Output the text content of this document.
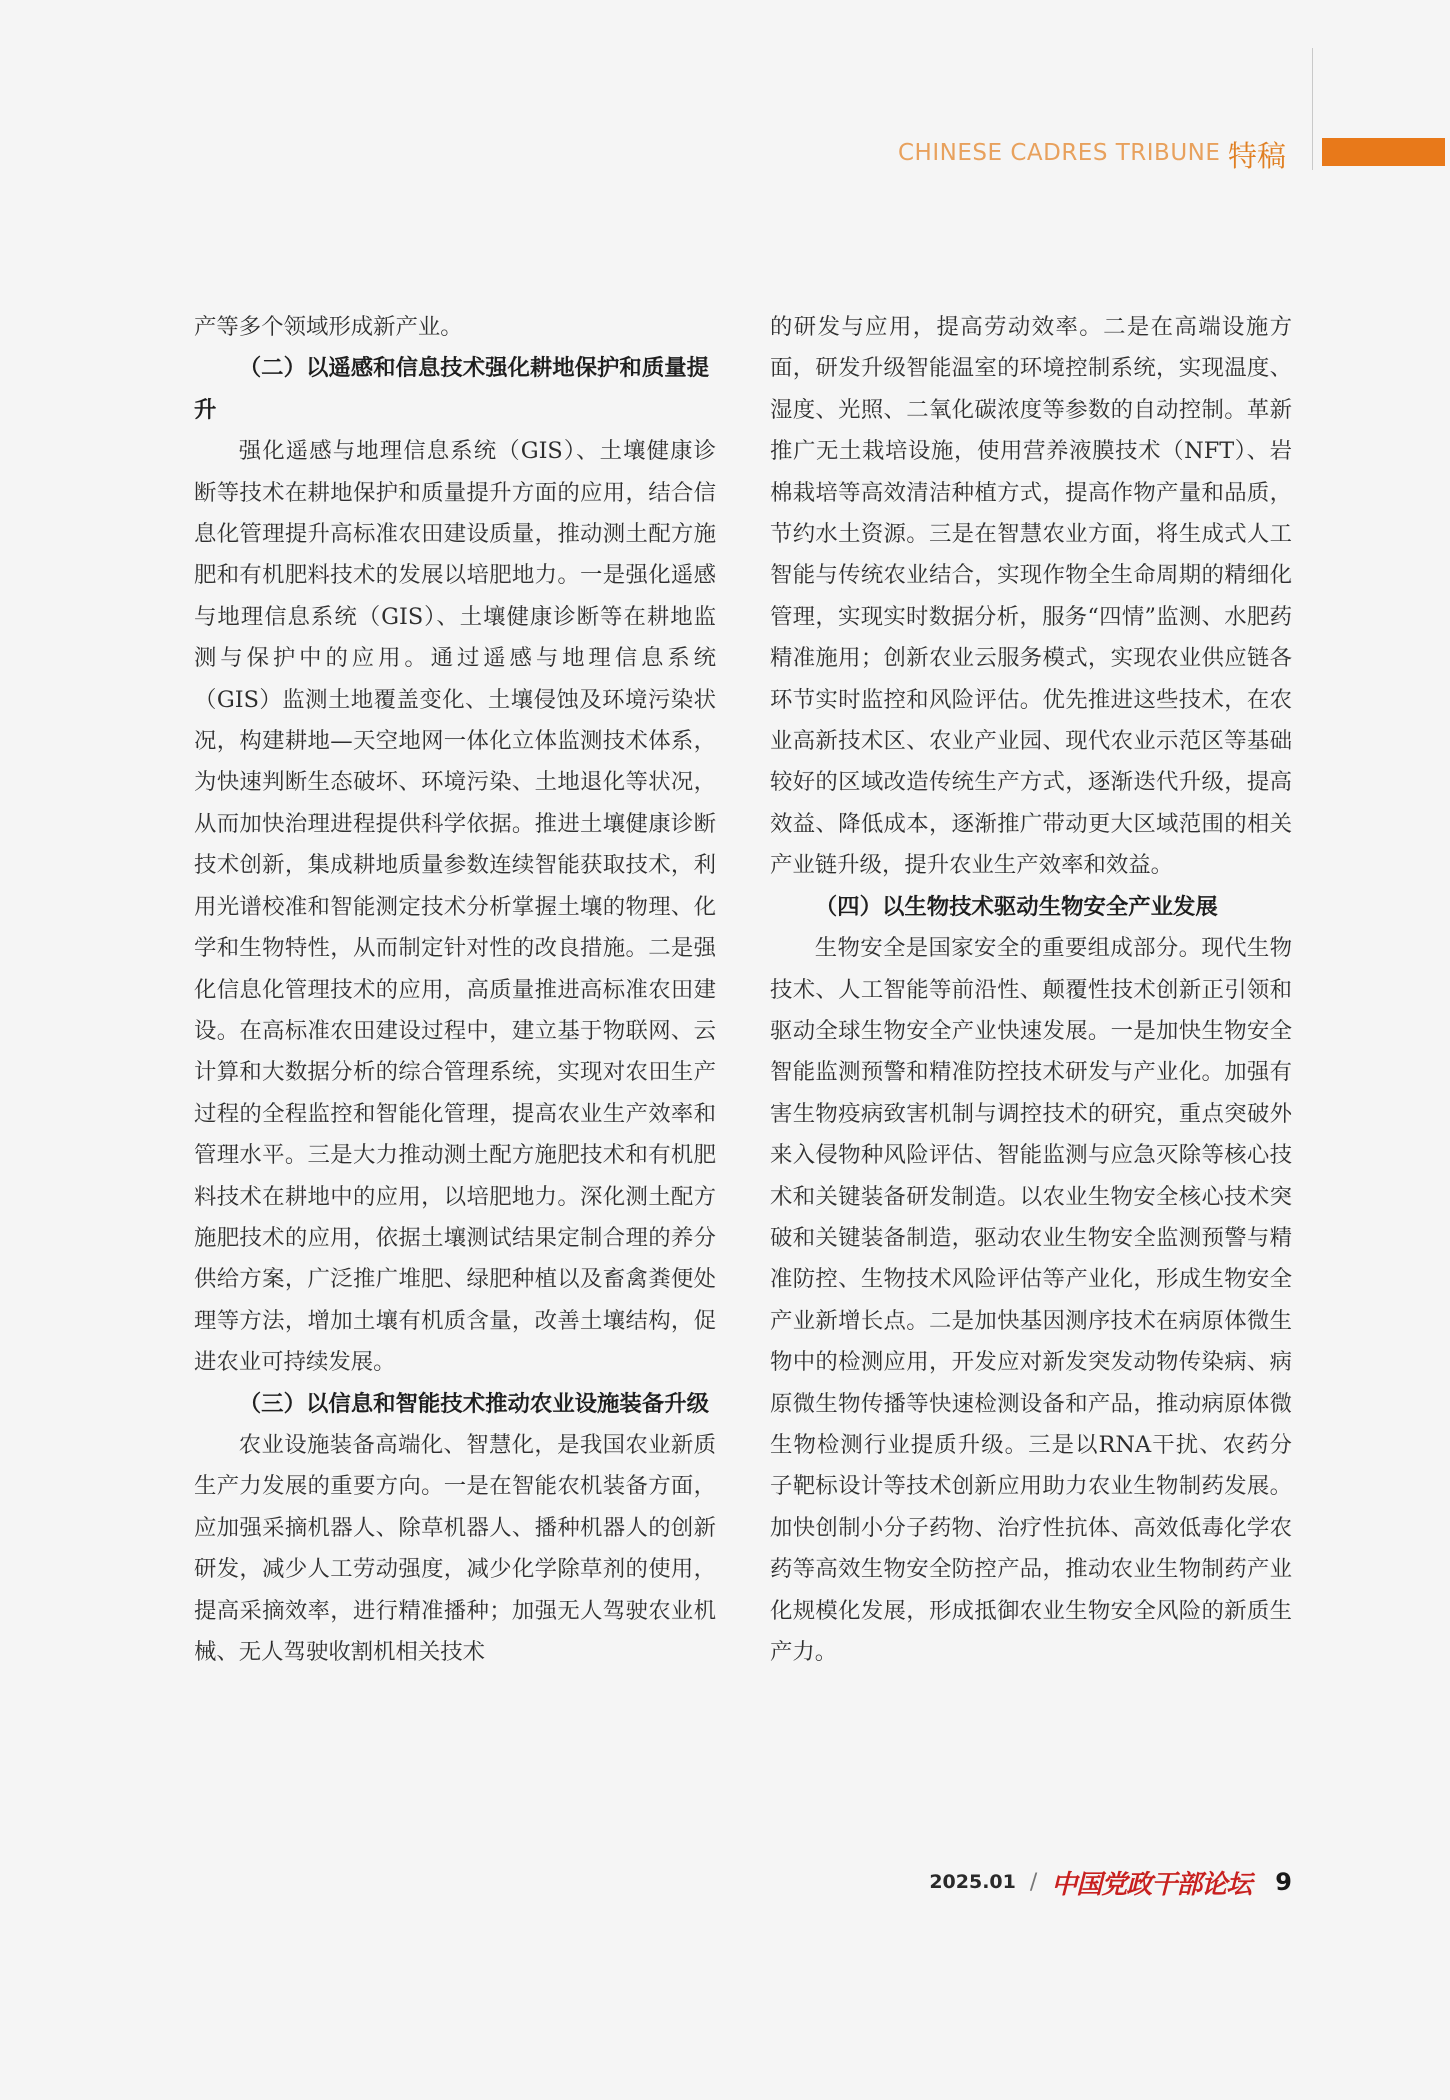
CHINESE CADRES TRIBUNE 特稿

产等多个领域形成新产业。

（二）以遥感和信息技术强化耕地保护和质量提升

强化遥感与地理信息系统（GIS）、土壤健康诊断等技术在耕地保护和质量提升方面的应用，结合信息化管理提升高标准农田建设质量，推动测土配方施肥和有机肥料技术的发展以培肥地力。一是强化遥感与地理信息系统（GIS）、土壤健康诊断等在耕地监测与保护中的应用。通过遥感与地理信息系统（GIS）监测土地覆盖变化、土壤侵蚀及环境污染状况，构建耕地—天空地网一体化立体监测技术体系，为快速判断生态破坏、环境污染、土地退化等状况，从而加快治理进程提供科学依据。推进土壤健康诊断技术创新，集成耕地质量参数连续智能获取技术，利用光谱校准和智能测定技术分析掌握土壤的物理、化学和生物特性，从而制定针对性的改良措施。二是强化信息化管理技术的应用，高质量推进高标准农田建设。在高标准农田建设过程中，建立基于物联网、云计算和大数据分析的综合管理系统，实现对农田生产过程的全程监控和智能化管理，提高农业生产效率和管理水平。三是大力推动测土配方施肥技术和有机肥料技术在耕地中的应用，以培肥地力。深化测土配方施肥技术的应用，依据土壤测试结果定制合理的养分供给方案，广泛推广堆肥、绿肥种植以及畜禽粪便处理等方法，增加土壤有机质含量，改善土壤结构，促进农业可持续发展。

（三）以信息和智能技术推动农业设施装备升级

农业设施装备高端化、智慧化，是我国农业新质生产力发展的重要方向。一是在智能农机装备方面，应加强采摘机器人、除草机器人、播种机器人的创新研发，减少人工劳动强度，减少化学除草剂的使用，提高采摘效率，进行精准播种；加强无人驾驶农业机械、无人驾驶收割机相关技术

的研发与应用，提高劳动效率。二是在高端设施方面，研发升级智能温室的环境控制系统，实现温度、湿度、光照、二氧化碳浓度等参数的自动控制。革新推广无土栽培设施，使用营养液膜技术（NFT）、岩棉栽培等高效清洁种植方式，提高作物产量和品质，节约水土资源。三是在智慧农业方面，将生成式人工智能与传统农业结合，实现作物全生命周期的精细化管理，实现实时数据分析，服务“四情”监测、水肥药精准施用；创新农业云服务模式，实现农业供应链各环节实时监控和风险评估。优先推进这些技术，在农业高新技术区、农业产业园、现代农业示范区等基础较好的区域改造传统生产方式，逐渐迭代升级，提高效益、降低成本，逐渐推广带动更大区域范围的相关产业链升级，提升农业生产效率和效益。

（四）以生物技术驱动生物安全产业发展

生物安全是国家安全的重要组成部分。现代生物技术、人工智能等前沿性、颠覆性技术创新正引领和驱动全球生物安全产业快速发展。一是加快生物安全智能监测预警和精准防控技术研发与产业化。加强有害生物疫病致害机制与调控技术的研究，重点突破外来入侵物种风险评估、智能监测与应急灭除等核心技术和关键装备研发制造。以农业生物安全核心技术突破和关键装备制造，驱动农业生物安全监测预警与精准防控、生物技术风险评估等产业化，形成生物安全产业新增长点。二是加快基因测序技术在病原体微生物中的检测应用，开发应对新发突发动物传染病、病原微生物传播等快速检测设备和产品，推动病原体微生物检测行业提质升级。三是以RNA干扰、农药分子靶标设计等技术创新应用助力农业生物制药发展。加快创制小分子药物、治疗性抗体、高效低毒化学农药等高效生物安全防控产品，推动农业生物制药产业化规模化发展，形成抵御农业生物安全风险的新质生产力。

2025.01 / 中国党政干部论坛 9
